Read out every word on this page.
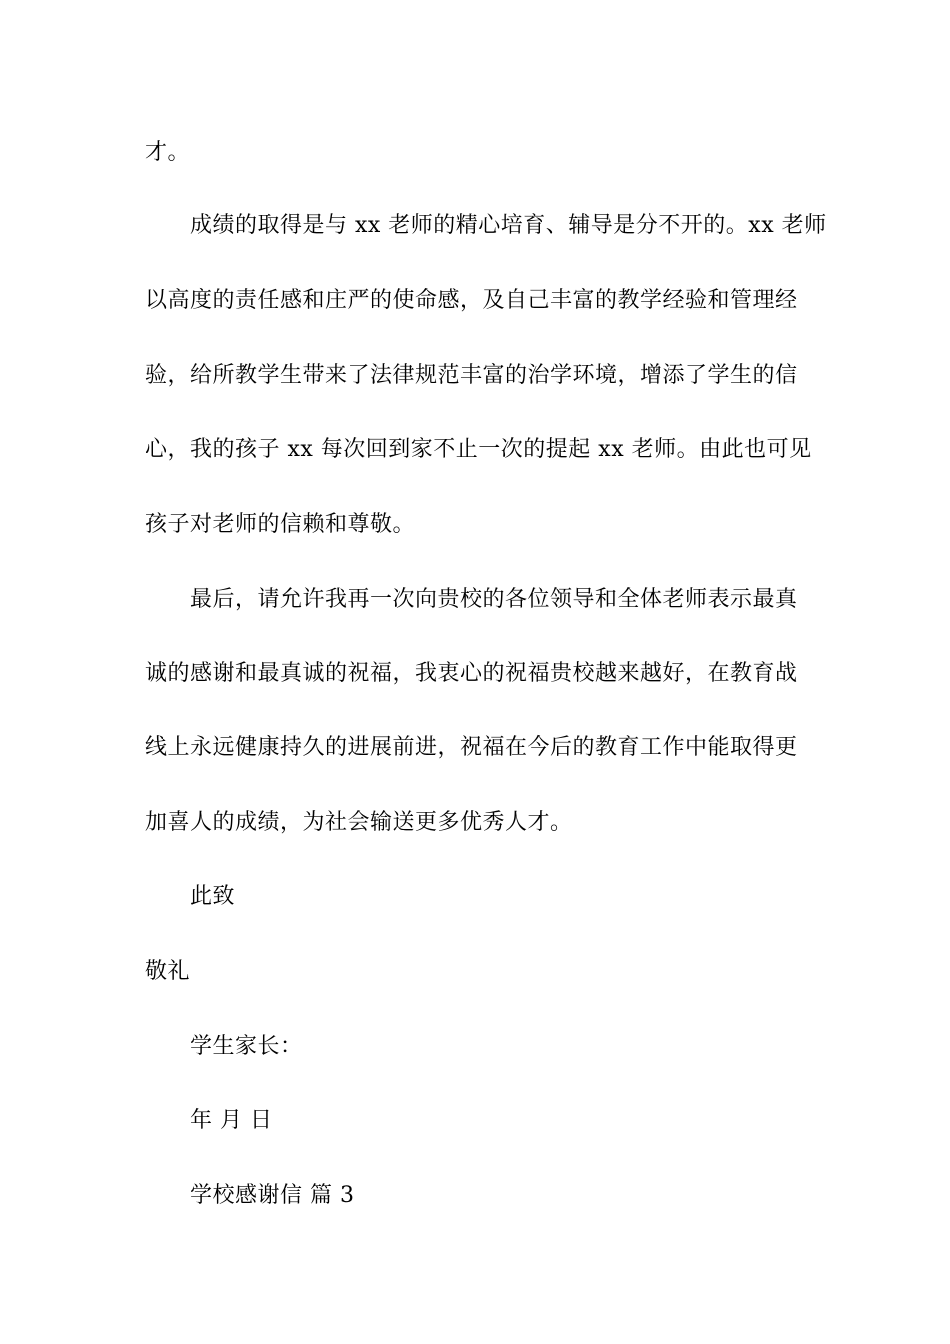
才。
成绩的取得是与 xx 老师的精心培育、辅导是分不开的。xx 老师
以高度的责任感和庄严的使命感，及自己丰富的教学经验和管理经
验，给所教学生带来了法律规范丰富的治学环境，增添了学生的信
心，我的孩子 xx 每次回到家不止一次的提起 xx 老师。由此也可见
孩子对老师的信赖和尊敬。
最后，请允许我再一次向贵校的各位领导和全体老师表示最真
诚的感谢和最真诚的祝福，我衷心的祝福贵校越来越好，在教育战
线上永远健康持久的进展前进，祝福在今后的教育工作中能取得更
加喜人的成绩，为社会输送更多优秀人才。
此致
敬礼
学生家长：
年 月 日
学校感谢信 篇 3
